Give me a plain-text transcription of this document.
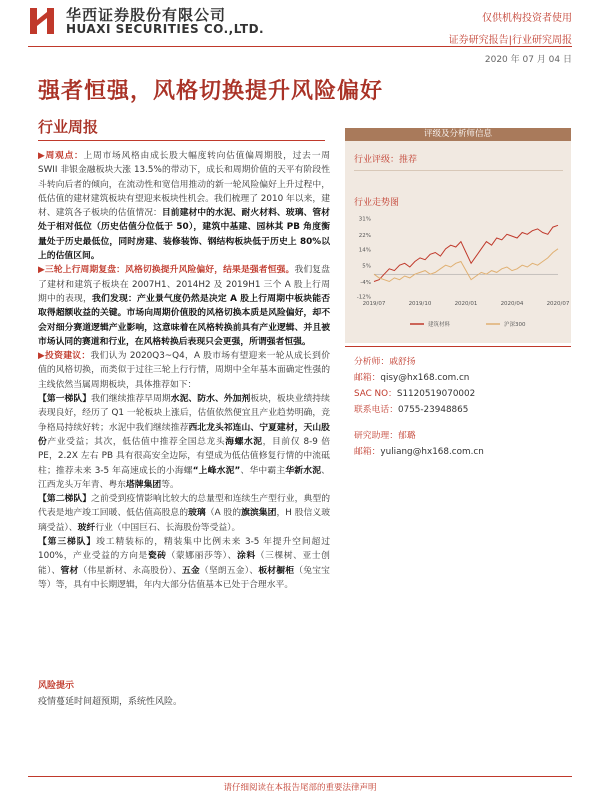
华西证券股份有限公司
HUAXI SECURITIES CO.,LTD.
仅供机构投资者使用
证券研究报告|行业研究周报
2020 年 07 月 04 日
强者恒强，风格切换提升风险偏好
行业周报

▶周观点：上周市场风格由成长股大幅度转向估值偏周期股，过去一周 SWII 非银金融板块大涨 13.5%的带动下，成长和周期价值的天平有阶段性斗转向后者的倾向，在流动性和宽信用推动的新一轮风险偏好上升过程中，低估值的建材建筑板块有望迎来板块性机会。我们梳理了 2010 年以来，建材、建筑各子板块的估值情况：目前建材中的水泥、耐火材料、玻璃、管材处于相对低位（历史估值分位低于 50），建筑中基建、园林其 PB 角度衡量处于历史最低位，同时房建、装修装饰、钢结构板块低于历史上 80%以上的估值区间。

▶三轮上行周期复盘：风格切换提升风险偏好，结果是强者恒强。我们复盘了建材和建筑子板块在 2007H1、2014H2 及 2019H1 三个 A 股上行周期中的表现，我们发现：产业景气度仍然是决定 A 股上行周期中板块能否取得超额收益的关键。市场向周期价值股的风格切换本质是风险偏好，却不会对细分赛道逻辑产业影响，这意味着在风格转换前具有产业逻辑、并且被市场认同的赛道和行业，在风格转换后表现只会更强，所谓强者恒强。

▶投资建议：我们认为 2020Q3~Q4，A 股市场有望迎来一轮从成长到价值的风格切换，而类似于过往三轮上行行情，周期中全年基本面确定性强的主线依然当属周期板块，具体推荐如下：

【第一梯队】我们继续推荐早周期水泥、防水、外加剂板块，板块业绩持续表现良好，经历了 Q1 一轮板块上涨后，估值依然便宜且产业趋势明确，竞争格局持续好转；水泥中我们继续推荐西北龙头祁连山、宁夏建材，天山股份产业受益；其次，低估值中推荐全国总龙头海螺水泥，目前仅 8-9 倍 PE，2.2X 左右 PB 具有很高安全边际，有望成为低估值修复行情的中流砥柱；推荐未来 3-5 年高速成长的小海螺“上峰水泥”、华中霸主华新水泥、江西龙头万年青、粤东塔牌集团等。

【第二梯队】之前受到疫情影响比较大的总量型和连续生产型行业，典型的代表是地产竣工回暖、低估值高股息的玻璃（A 股的旗滨集团，H 股信义玻璃受益）、玻纤行业（中国巨石、长海股份等受益）。

【第三梯队】竣工精装标的，精装集中比例未来 3-5 年提升空间超过 100%，产业受益的方向是瓷砖（蒙娜丽莎等）、涂料（三棵树、亚士创能）、管材（伟星新材、永高股份）、五金（坚朗五金）、板材橱柜（兔宝宝等）等，具有中长期逻辑，年内大部分估值基本已处于合理水平。

风险提示
疫情蔓延时间超预期，系统性风险。
评级及分析师信息
行业评级：推荐
行业走势图
31%
22%
14%
5%
-4%
-12%
2019/07	2019/10	2020/01	2020/04	2020/07
建筑材料	沪深300
分析师：戚舒扬
邮箱：qisy@hx168.com.cn
SAC NO：S1120519070002
联系电话：0755-23948865
研究助理：郁璐
邮箱：yuliang@hx168.com.cn
请仔细阅读在本报告尾部的重要法律声明
